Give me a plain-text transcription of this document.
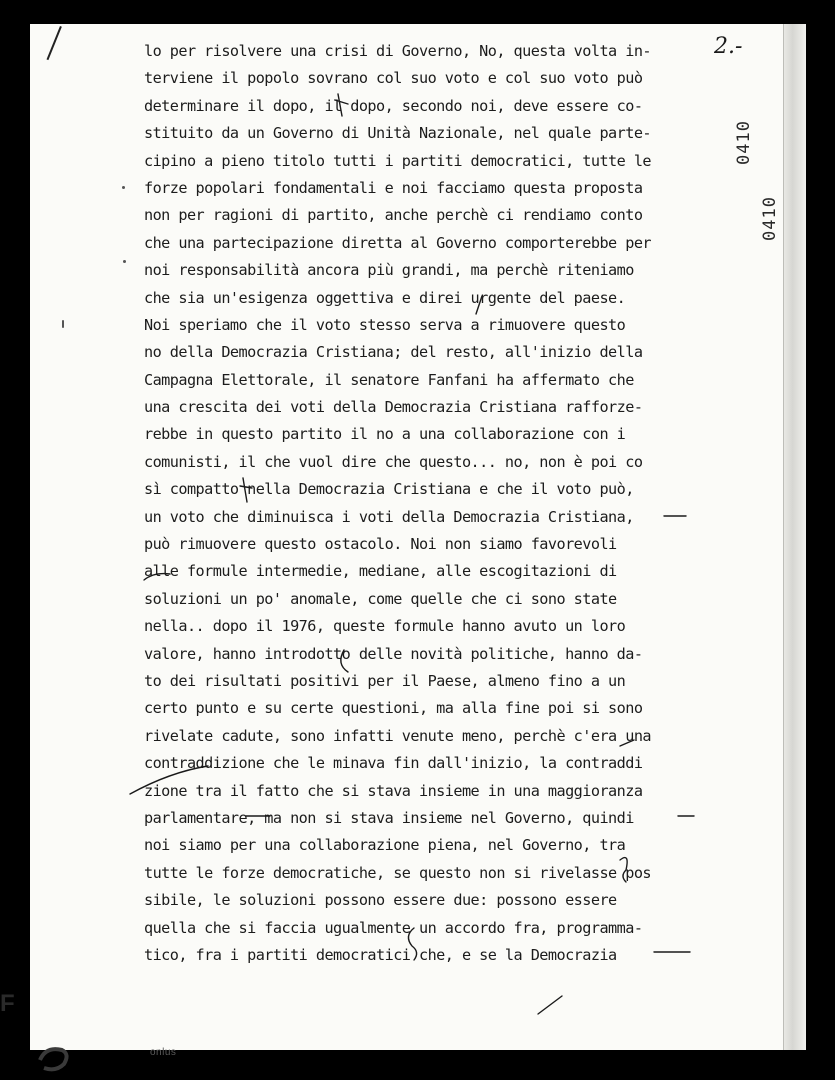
2.-
0410
0410
lo per risolvere una crisi di Governo, No, questa volta in-
terviene il popolo sovrano col suo voto e col suo voto può
determinare il dopo, il dopo, secondo noi, deve essere co-
stituito da un Governo di Unità Nazionale, nel quale parte-
cipino a pieno titolo tutti i partiti democratici, tutte le
forze popolari fondamentali e noi facciamo questa proposta
non per ragioni di partito, anche perchè ci rendiamo conto
che una partecipazione diretta al Governo comporterebbe per
noi responsabilità ancora più grandi, ma perchè riteniamo
che sia un'esigenza oggettiva e direi urgente del paese.
Noi speriamo che il voto stesso serva a rimuovere questo
no della Democrazia Cristiana; del resto, all'inizio della
Campagna Elettorale, il senatore Fanfani ha affermato che
una crescita dei voti della Democrazia Cristiana rafforze-
rebbe in questo partito il no a una collaborazione con i
comunisti, il che vuol dire che questo... no, non è poi co
sì compatto nella Democrazia Cristiana e che il voto può,
un voto che diminuisca i voti della Democrazia Cristiana,
può rimuovere questo ostacolo. Noi non siamo favorevoli
alle formule intermedie, mediane, alle escogitazioni di
soluzioni un po' anomale, come quelle che ci sono state
nella.. dopo il 1976, queste formule hanno avuto un loro
valore, hanno introdotto delle novità politiche, hanno da-
to dei risultati positivi per il Paese, almeno fino a un
certo punto e su certe questioni, ma alla fine poi si sono
rivelate cadute, sono infatti venute meno, perchè c'era una
contraddizione che le minava fin dall'inizio, la contraddi
zione tra il fatto che si stava insieme in una maggioranza
parlamentare, ma non si stava insieme nel Governo, quindi
noi siamo per una collaborazione piena, nel Governo, tra
tutte le forze democratiche, se questo non si rivelasse pos
sibile, le soluzioni possono essere due: possono essere
quella che si faccia ugualmente un accordo fra, programma-
tico, fra i partiti democratici che, e se la Democrazia
F
onlus
